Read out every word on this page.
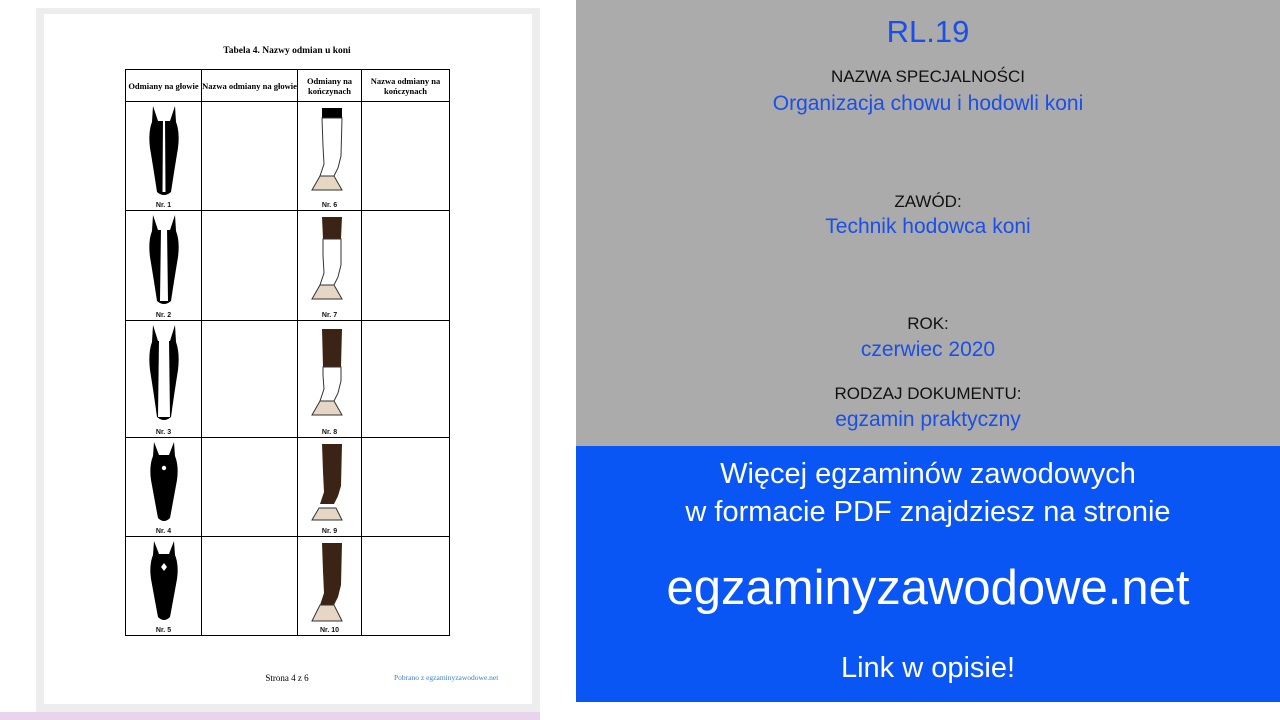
Tabela 4. Nazwy odmian u koni
Odmiany na głowie	Nazwa odmiany na głowie	Odmiany na kończynach	Nazwa odmiany na kończynach

Nr. 1		Nr. 6	

Nr. 2		Nr. 7	

Nr. 3		Nr. 8	

Nr. 4		Nr. 9	

Nr. 5		Nr. 10	

Strona 4 z 6	Pobrano z egzaminyzawodowe.net
RL.19
NAZWA SPECJALNOŚCI
Organizacja chowu i hodowli koni
ZAWÓD:
Technik hodowca koni
ROK:
czerwiec 2020
RODZAJ DOKUMENTU:
egzamin praktyczny
Więcej egzaminów zawodowych
w formacie PDF znajdziesz na stronie
egzaminyzawodowe.net
Link w opisie!
